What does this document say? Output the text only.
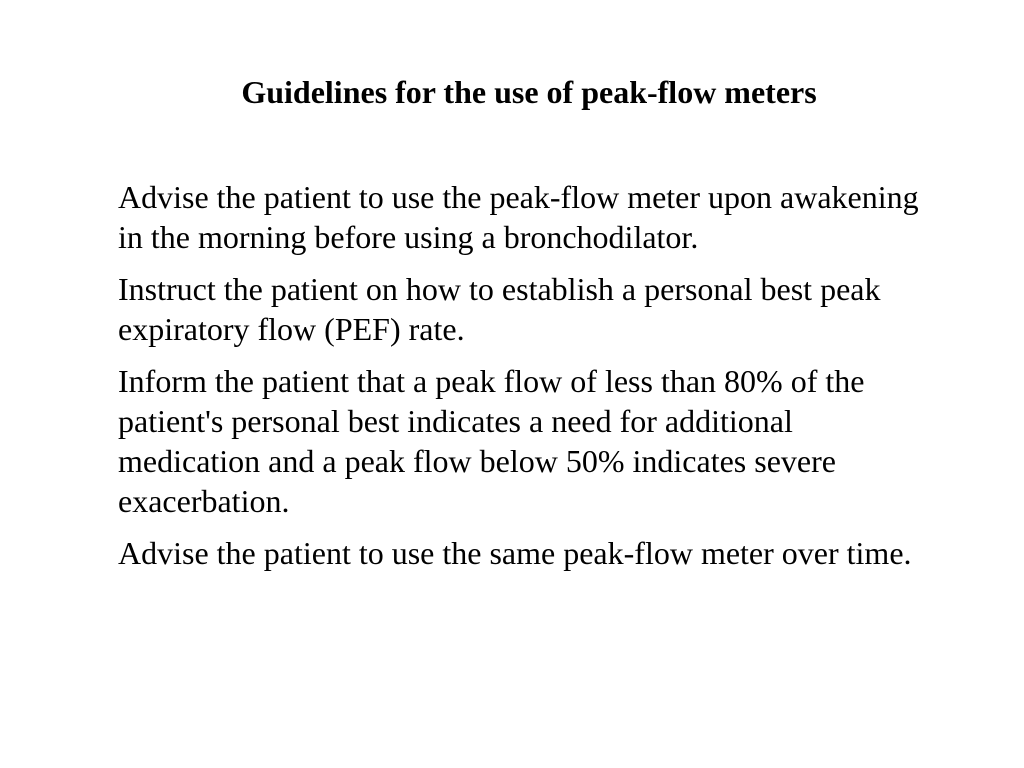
Guidelines for the use of peak-flow meters
Advise the patient to use the peak-flow meter upon awakening in the morning before using a bronchodilator.
Instruct the patient on how to establish a personal best peak expiratory flow (PEF) rate.
Inform the patient that a peak flow of less than 80% of the patient's personal best indicates a need for additional medication and a peak flow below 50% indicates severe exacerbation.
Advise the patient to use the same peak-flow meter over time.
